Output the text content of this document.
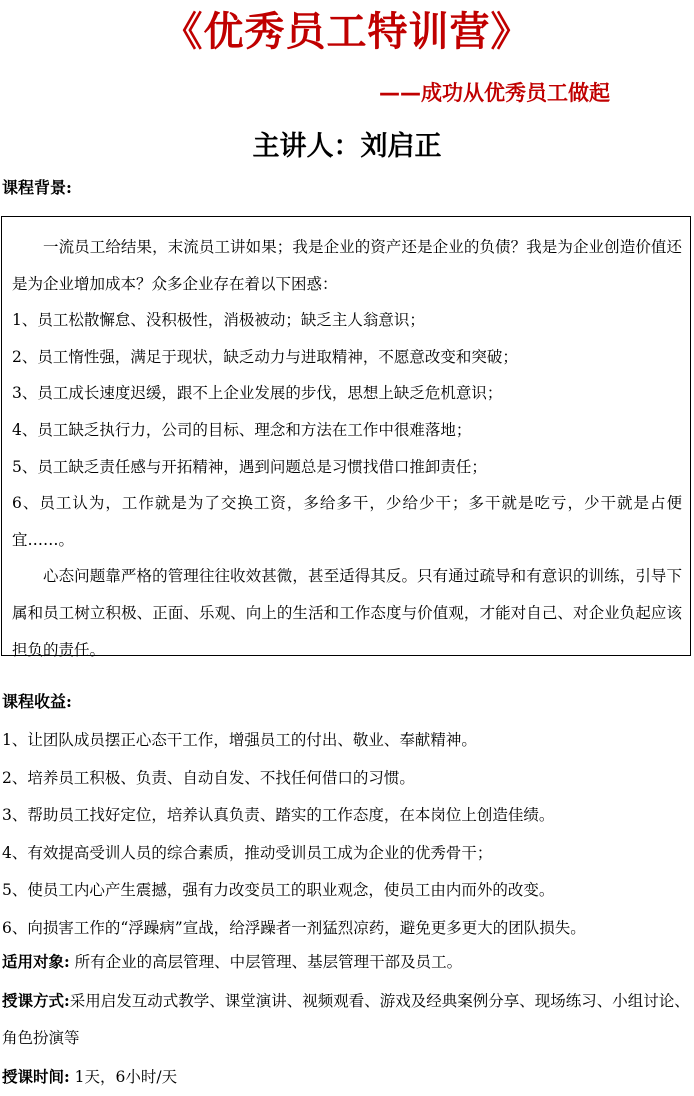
《优秀员工特训营》
——成功从优秀员工做起
主讲人：刘启正
课程背景:

一流员工给结果，末流员工讲如果；我是企业的资产还是企业的负债？我是为企业创造价值还是为企业增加成本？众多企业存在着以下困惑：

1、员工松散懈怠、没积极性，消极被动；缺乏主人翁意识；

2、员工惰性强，满足于现状，缺乏动力与进取精神，不愿意改变和突破；

3、员工成长速度迟缓，跟不上企业发展的步伐，思想上缺乏危机意识；

4、员工缺乏执行力，公司的目标、理念和方法在工作中很难落地；

5、员工缺乏责任感与开拓精神，遇到问题总是习惯找借口推卸责任；

6、员工认为，工作就是为了交换工资，多给多干，少给少干；多干就是吃亏，少干就是占便宜……。

心态问题靠严格的管理往往收效甚微，甚至适得其反。只有通过疏导和有意识的训练，引导下属和员工树立积极、正面、乐观、向上的生活和工作态度与价值观，才能对自己、对企业负起应该担负的责任。

课程收益:

1、让团队成员摆正心态干工作，增强员工的付出、敬业、奉献精神。

2、培养员工积极、负责、自动自发、不找任何借口的习惯。

3、帮助员工找好定位，培养认真负责、踏实的工作态度，在本岗位上创造佳绩。

4、有效提高受训人员的综合素质，推动受训员工成为企业的优秀骨干；

5、使员工内心产生震撼，强有力改变员工的职业观念，使员工由内而外的改变。

6、向损害工作的“浮躁病”宣战，给浮躁者一剂猛烈凉药，避免更多更大的团队损失。

适用对象: 所有企业的高层管理、中层管理、基层管理干部及员工。

授课方式:采用启发互动式教学、课堂演讲、视频观看、游戏及经典案例分享、现场练习、小组讨论、角色扮演等

授课时间: 1天，6小时/天
